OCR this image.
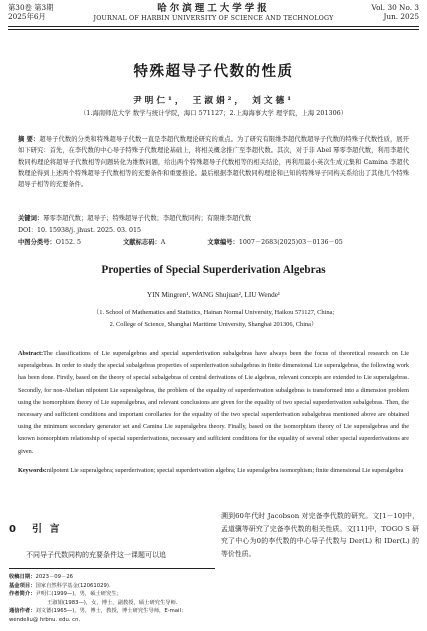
第30卷 第3期
2025年6月
哈尔滨理工大学学报
JOURNAL OF HARBIN UNIVERSITY OF SCIENCE AND TECHNOLOGY
Vol. 30 No. 3
Jun. 2025
特殊超导子代数的性质
尹明仁¹， 王淑娟²， 刘文德¹
（1.海南师范大学 数学与统计学院，海口 571127；2.上海海事大学 理学院，上海 201306）
摘 要：超导子代数的分类和特殊超导子代数一直是李超代数理论研究的重点。为了研究有限维李超代数超导子代数的特殊子代数性质，展开如下研究：首先，在李代数的中心导子特殊子代数理论基础上，将相关概念推广至李超代数。其次，对于非 Abel 幂零李超代数，利用李超代数同构理论将超导子代数相等问题转化为维数问题，给出两个特殊超导子代数相等的相关结论，再利用最小英次生成元集和 Camina 李超代数理论得到上述两个特殊超导子代数相等的充要条件和重要推论。最后根据李超代数同构理论和已知的特殊导子同构关系给出了其他几个特殊超导子相等的充要条件。
关键词：幂零李超代数；超导子；特殊超导子代数；李超代数同构；有限维李超代数
DOI：10. 15938/j. jhust. 2025. 03. 015
中图分类号：O152. 5	文献标志码：A	文章编号：1007－2683(2025)03－0136－05
Properties of Special Superderivation Algebras
YIN Mingren¹, WANG Shujuan², LIU Wende¹
（1. School of Mathematics and Statistics, Hainan Normal University, Haikou 571127, China;
2. College of Science, Shanghai Maritime University, Shanghai 201306, China）
Abstract:The classifications of Lie superalgebras and special superderivation subalgebras have always been the focus of theoretical research on Lie superalgebras. In order to study the special subalgebras properties of superderivation subalgebras in finite dimensional Lie superalgebras, the following work has been done. Firstly, based on the theory of special subalgebras of central derivations of Lie algebras, relevant concepts are extended to Lie superalgebras. Secondly, for non-Abelian nilpotent Lie superalgebras, the problem of the equality of superderivation subalgebras is transformed into a dimension problem using the isomorphism theory of Lie superalgebras, and relevant conclusions are given for the equality of two special superderivation subalgebras. Then, the necessary and sufficient conditions and important corollaries for the equality of the two special superderivation subalgebras mentioned above are obtained using the minimum secondary generator set and Camina Lie superalgebra theory. Finally, based on the isomorphism theory of Lie superalgebras and the known isomorphism relationship of special superderivations, necessary and sufficient conditions for the equality of several other special superderivations are given.
Keywords:nilpotent Lie superalgebra; superderivation; special superderivation algebra; Lie superalgebra isomorphism; finite dimensional Lie superalgebra
0 引 言
不同导子代数同构的充要条件这一课题可以追
溯到60年代时 Jacobson 对完备李代数的研究。文[1－10]中，孟道骥等研究了完备李代数的相关性质。文[11]中，TOGO S 研究了中心为0的李代数的中心导子代数与 Der(L) 和 IDer(L) 的等价性质。
收稿日期：2023－09－26
基金项目：国家自然科学基金(12061029).
作者简介：尹明仁(1999—)，男，硕士研究生；
王淑娟(1983—)，女，博士，副教授，硕士研究生导师.
通信作者：刘文德(1965—)，男，博士，教授，博士研究生导师，E-mail：wendeliu@ hrbnu. edu. cn.
